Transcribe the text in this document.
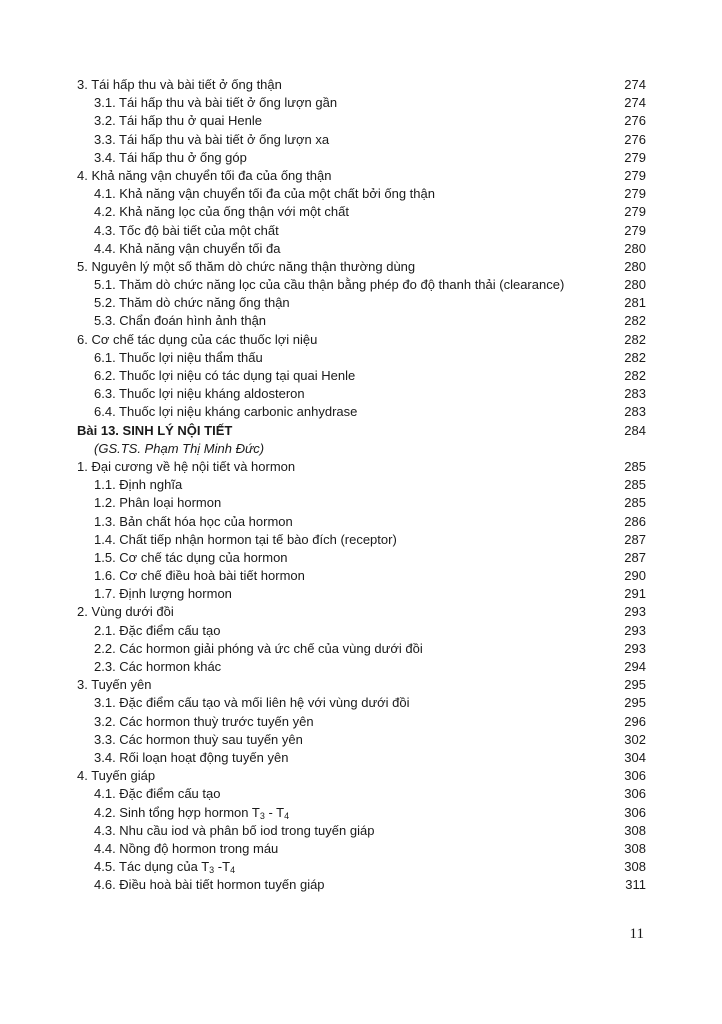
3. Tái hấp thu và bài tiết ở ống thận	274
3.1. Tái hấp thu và bài tiết ở ống lượn gần	274
3.2. Tái hấp thu ở quai Henle	276
3.3. Tái hấp thu và bài tiết ở ống lượn xa	276
3.4. Tái hấp thu ở ống góp	279
4. Khả năng vận chuyển tối đa của ống thận	279
4.1. Khả năng vận chuyển tối đa của một chất bởi ống thận	279
4.2. Khả năng lọc của ống thận với một chất	279
4.3. Tốc độ bài tiết của một chất	279
4.4. Khả năng vận chuyển tối đa	280
5. Nguyên lý một số thăm dò chức năng thận thường dùng	280
5.1. Thăm dò chức năng lọc của cầu thận bằng phép đo độ thanh thải (clearance)	280
5.2. Thăm dò chức năng ống thận	281
5.3. Chẩn đoán hình ảnh thận	282
6. Cơ chế tác dụng của các thuốc lợi niệu	282
6.1. Thuốc lợi niệu thẩm thấu	282
6.2. Thuốc lợi niệu có tác dụng tại quai Henle	282
6.3. Thuốc lợi niệu kháng aldosteron	283
6.4. Thuốc lợi niệu kháng carbonic anhydrase	283
Bài 13. SINH LÝ NỘI TIẾT	284
(GS.TS. Phạm Thị Minh Đức)
1. Đại cương về hệ nội tiết và hormon	285
1.1. Định nghĩa	285
1.2. Phân loại hormon	285
1.3. Bản chất hóa học của hormon	286
1.4. Chất tiếp nhận hormon tại tế bào đích (receptor)	287
1.5. Cơ chế tác dụng của hormon	287
1.6. Cơ chế điều hoà bài tiết hormon	290
1.7. Định lượng hormon	291
2. Vùng dưới đồi	293
2.1. Đặc điểm cấu tạo	293
2.2. Các hormon giải phóng và ức chế của vùng dưới đồi	293
2.3. Các hormon khác	294
3. Tuyến yên	295
3.1. Đặc điểm cấu tạo và mối liên hệ với vùng dưới đồi	295
3.2. Các hormon thuỳ trước tuyến yên	296
3.3. Các hormon thuỳ sau tuyến yên	302
3.4. Rối loạn hoạt động tuyến yên	304
4. Tuyến giáp	306
4.1. Đặc điểm cấu tạo	306
4.2. Sinh tổng hợp hormon $T_3 - T_4$	306
4.3. Nhu cầu iod và phân bố iod trong tuyến giáp	308
4.4. Nồng độ hormon trong máu	308
4.5. Tác dụng của $T_3$ $-T_4$	308
4.6. Điều hoà bài tiết hormon tuyến giáp	311
11
